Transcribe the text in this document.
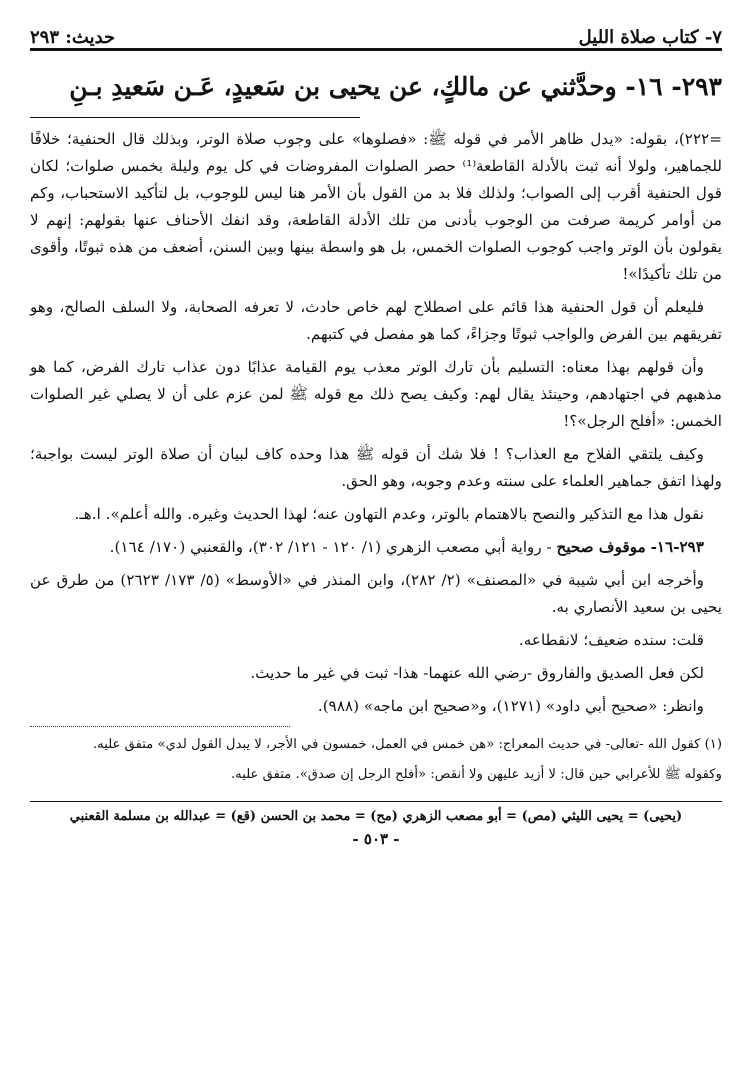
٧- كتاب صلاة الليل
حديث: ٢٩٣
٢٩٣- ١٦- وحدَّثني عن مالكٍ، عن يحيى بن سَعيدٍ، عَـن سَعيدِ بـنِ

=٢٢٢)، بقوله: «يدل ظاهر الأمر في قوله ﷺ: «فصلوها» على وجوب صلاة الوتر، وبذلك قال الحنفية؛ خلافًا للجماهير، ولولا أنه ثبت بالأدلة القاطعة⁽¹⁾ حصر الصلوات المفروضات في كل يوم وليلة بخمس صلوات؛ لكان قول الحنفية أقرب إلى الصواب؛ ولذلك فلا بد من القول بأن الأمر هنا ليس للوجوب، بل لتأكيد الاستحباب، وكم من أوامر كريمة صرفت من الوجوب بأدنى من تلك الأدلة القاطعة، وقد انفك الأحناف عنها بقولهم: إنهم لا يقولون بأن الوتر واجب كوجوب الصلوات الخمس، بل هو واسطة بينها وبين السنن، أضعف من هذه ثبوتًا، وأقوى من تلك تأكيدًا»!

فليعلم أن قول الحنفية هذا قائم على اصطلاح لهم خاص حادث، لا تعرفه الصحابة، ولا السلف الصالح، وهو تفريقهم بين الفرض والواجب ثبوتًا وجزاءً، كما هو مفصل في كتبهم.

وأن قولهم بهذا معناه: التسليم بأن تارك الوتر معذب يوم القيامة عذابًا دون عذاب تارك الفرض، كما هو مذهبهم في اجتهادهم، وحينئذ يقال لهم: وكيف يصح ذلك مع قوله ﷺ لمن عزم على أن لا يصلي غير الصلوات الخمس: «أفلح الرجل»؟!

وكيف يلتقي الفلاح مع العذاب؟ ! فلا شك أن قوله ﷺ هذا وحده كاف لبيان أن صلاة الوتر ليست بواجبة؛ ولهذا اتفق جماهير العلماء على سنته وعدم وجوبه، وهو الحق.

نقول هذا مع التذكير والنصح بالاهتمام بالوتر، وعدم التهاون عنه؛ لهذا الحديث وغيره. والله أعلم». ا.هـ.

٢٩٣-١٦- موقوف صحيح - رواية أبي مصعب الزهري (١/ ١٢٠ - ١٢١/ ٣٠٢)، والقعنبي (١٧٠/ ١٦٤).

وأخرجه ابن أبي شيبة في «المصنف» (٢/ ٢٨٢)، وابن المنذر في «الأوسط» (٥/ ١٧٣/ ٢٦٢٣) من طرق عن يحيى بن سعيد الأنصاري به.

قلت: سنده ضعيف؛ لانقطاعه.

لكن فعل الصديق والفاروق -رضي الله عنهما- هذا- ثبت في غير ما حديث.

وانظر: «صحيح أبي داود» (١٢٧١)، و«صحيح ابن ماجه» (٩٨٨).

(١) كقول الله -تعالى- في حديث المعراج: «هن خمس في العمل، خمسون في الأجر، لا يبدل القول لدي» متفق عليه.

وكقوله ﷺ للأعرابي حين قال: لا أزيد عليهن ولا أنقص: «أفلح الرجل إن صدق». متفق عليه.

(يحيى) = يحيى الليثي (مص) = أبو مصعب الزهري (مح) = محمد بن الحسن (قع) = عبدالله بن مسلمة القعنبي
- ٥٠٣ -
